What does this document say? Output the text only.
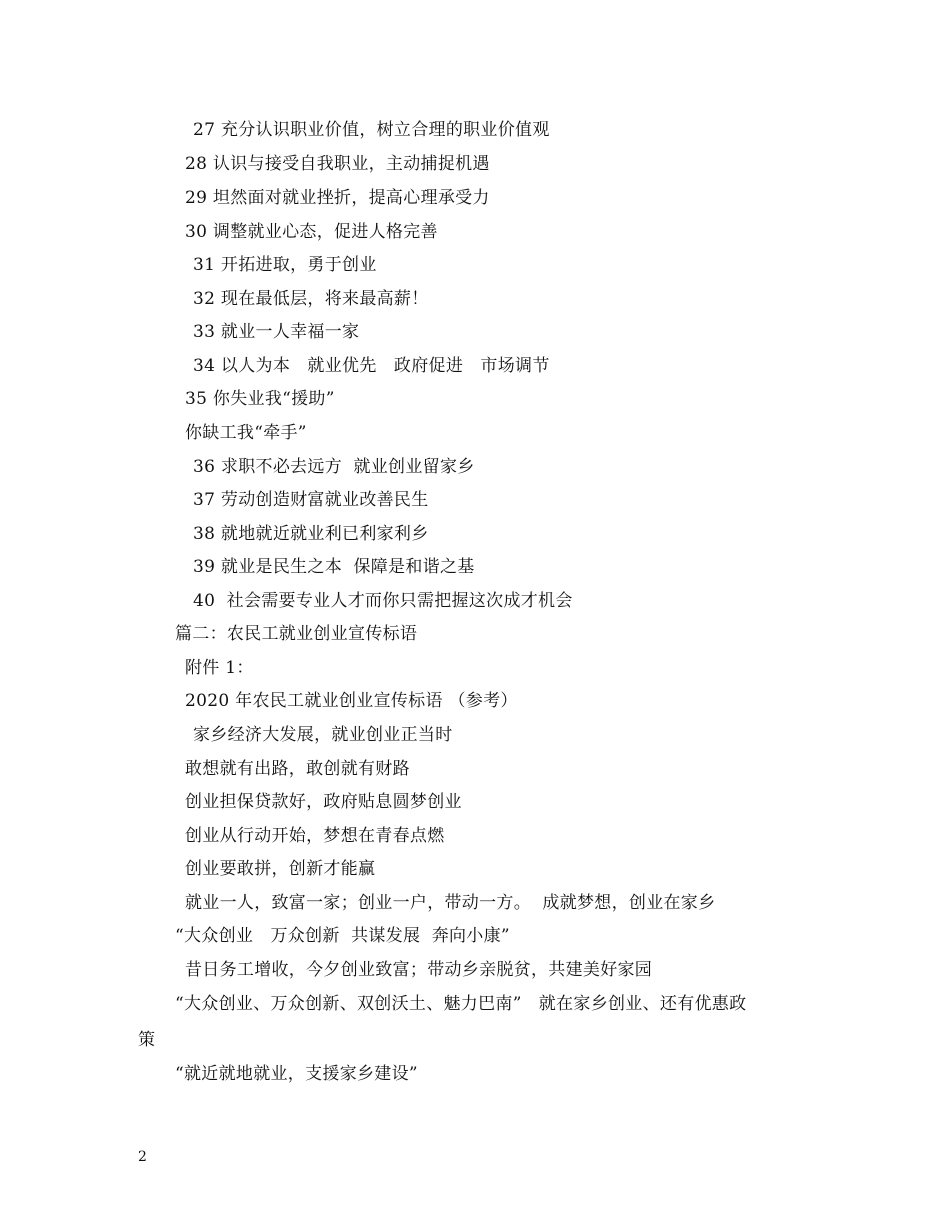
27 充分认识职业价值，树立合理的职业价值观
28 认识与接受自我职业，主动捕捉机遇
29 坦然面对就业挫折，提高心理承受力
30 调整就业心态，促进人格完善
31 开拓进取，勇于创业
32 现在最低层，将来最高薪！
33 就业一人幸福一家
34 以人为本　就业优先　政府促进　市场调节
35 你失业我“援助”
你缺工我“牵手”
36 求职不必去远方  就业创业留家乡
37 劳动创造财富就业改善民生
38 就地就近就业利已利家利乡
39 就业是民生之本  保障是和谐之基
40  社会需要专业人才而你只需把握这次成才机会
篇二：农民工就业创业宣传标语
附件 1：
2020 年农民工就业创业宣传标语 （参考）
家乡经济大发展，就业创业正当时
敢想就有出路，敢创就有财路
创业担保贷款好，政府贴息圆梦创业
创业从行动开始，梦想在青春点燃
创业要敢拼，创新才能赢
就业一人，致富一家；创业一户，带动一方。  成就梦想，创业在家乡
“大众创业　万众创新  共谋发展  奔向小康”
昔日务工增收，今夕创业致富；带动乡亲脱贫，共建美好家园
“大众创业、万众创新、双创沃土、魅力巴南”   就在家乡创业、还有优惠政
策
“就近就地就业，支援家乡建设”
2
